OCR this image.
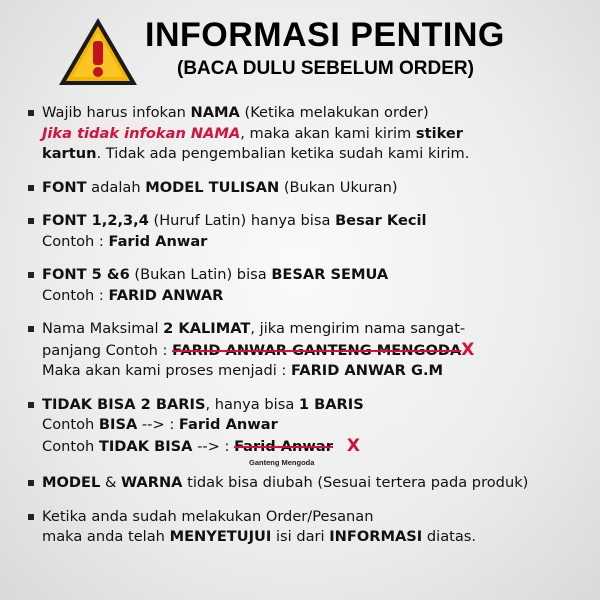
INFORMASI PENTING
(BACA DULU SEBELUM ORDER)
Wajib harus infokan NAMA (Ketika melakukan order)
Jika tidak infokan NAMA, maka akan kami kirim stiker
kartun. Tidak ada pengembalian ketika sudah kami kirim.
FONT adalah MODEL TULISAN (Bukan Ukuran)
FONT 1,2,3,4 (Huruf Latin) hanya bisa Besar Kecil
Contoh : Farid Anwar
FONT 5 &6 (Bukan Latin) bisa BESAR SEMUA
Contoh : FARID ANWAR
Nama Maksimal 2 KALIMAT, jika mengirim nama sangat-
panjang Contoh : FARID ANWAR GANTENG MENGODAX
Maka akan kami proses menjadi : FARID ANWAR G.M
TIDAK BISA 2 BARIS, hanya bisa 1 BARIS
Contoh BISA --> : Farid Anwar
Contoh TIDAK BISA --> : Farid Anwar X
Ganteng Mengoda
MODEL & WARNA tidak bisa diubah (Sesuai tertera pada produk)
Ketika anda sudah melakukan Order/Pesanan
maka anda telah MENYETUJUI isi dari INFORMASI diatas.
